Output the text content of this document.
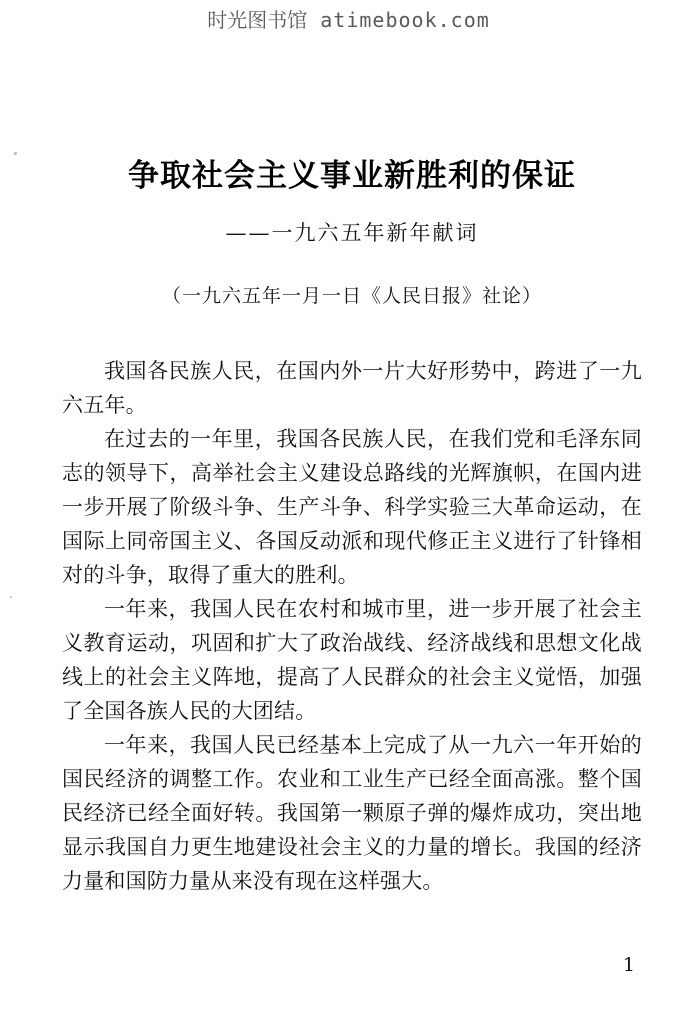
时光图书馆 atimebook.com
争取社会主义事业新胜利的保证
——一九六五年新年献词
（一九六五年一月一日《人民日报》社论）

我国各民族人民，在国内外一片大好形势中，跨进了一九六五年。

在过去的一年里，我国各民族人民，在我们党和毛泽东同志的领导下，高举社会主义建设总路线的光辉旗帜，在国内进一步开展了阶级斗争、生产斗争、科学实验三大革命运动，在国际上同帝国主义、各国反动派和现代修正主义进行了针锋相对的斗争，取得了重大的胜利。

一年来，我国人民在农村和城市里，进一步开展了社会主义教育运动，巩固和扩大了政治战线、经济战线和思想文化战线上的社会主义阵地，提高了人民群众的社会主义觉悟，加强了全国各族人民的大团结。

一年来，我国人民已经基本上完成了从一九六一年开始的国民经济的调整工作。农业和工业生产已经全面高涨。整个国民经济已经全面好转。我国第一颗原子弹的爆炸成功，突出地显示我国自力更生地建设社会主义的力量的增长。我国的经济力量和国防力量从来没有现在这样强大。

1
